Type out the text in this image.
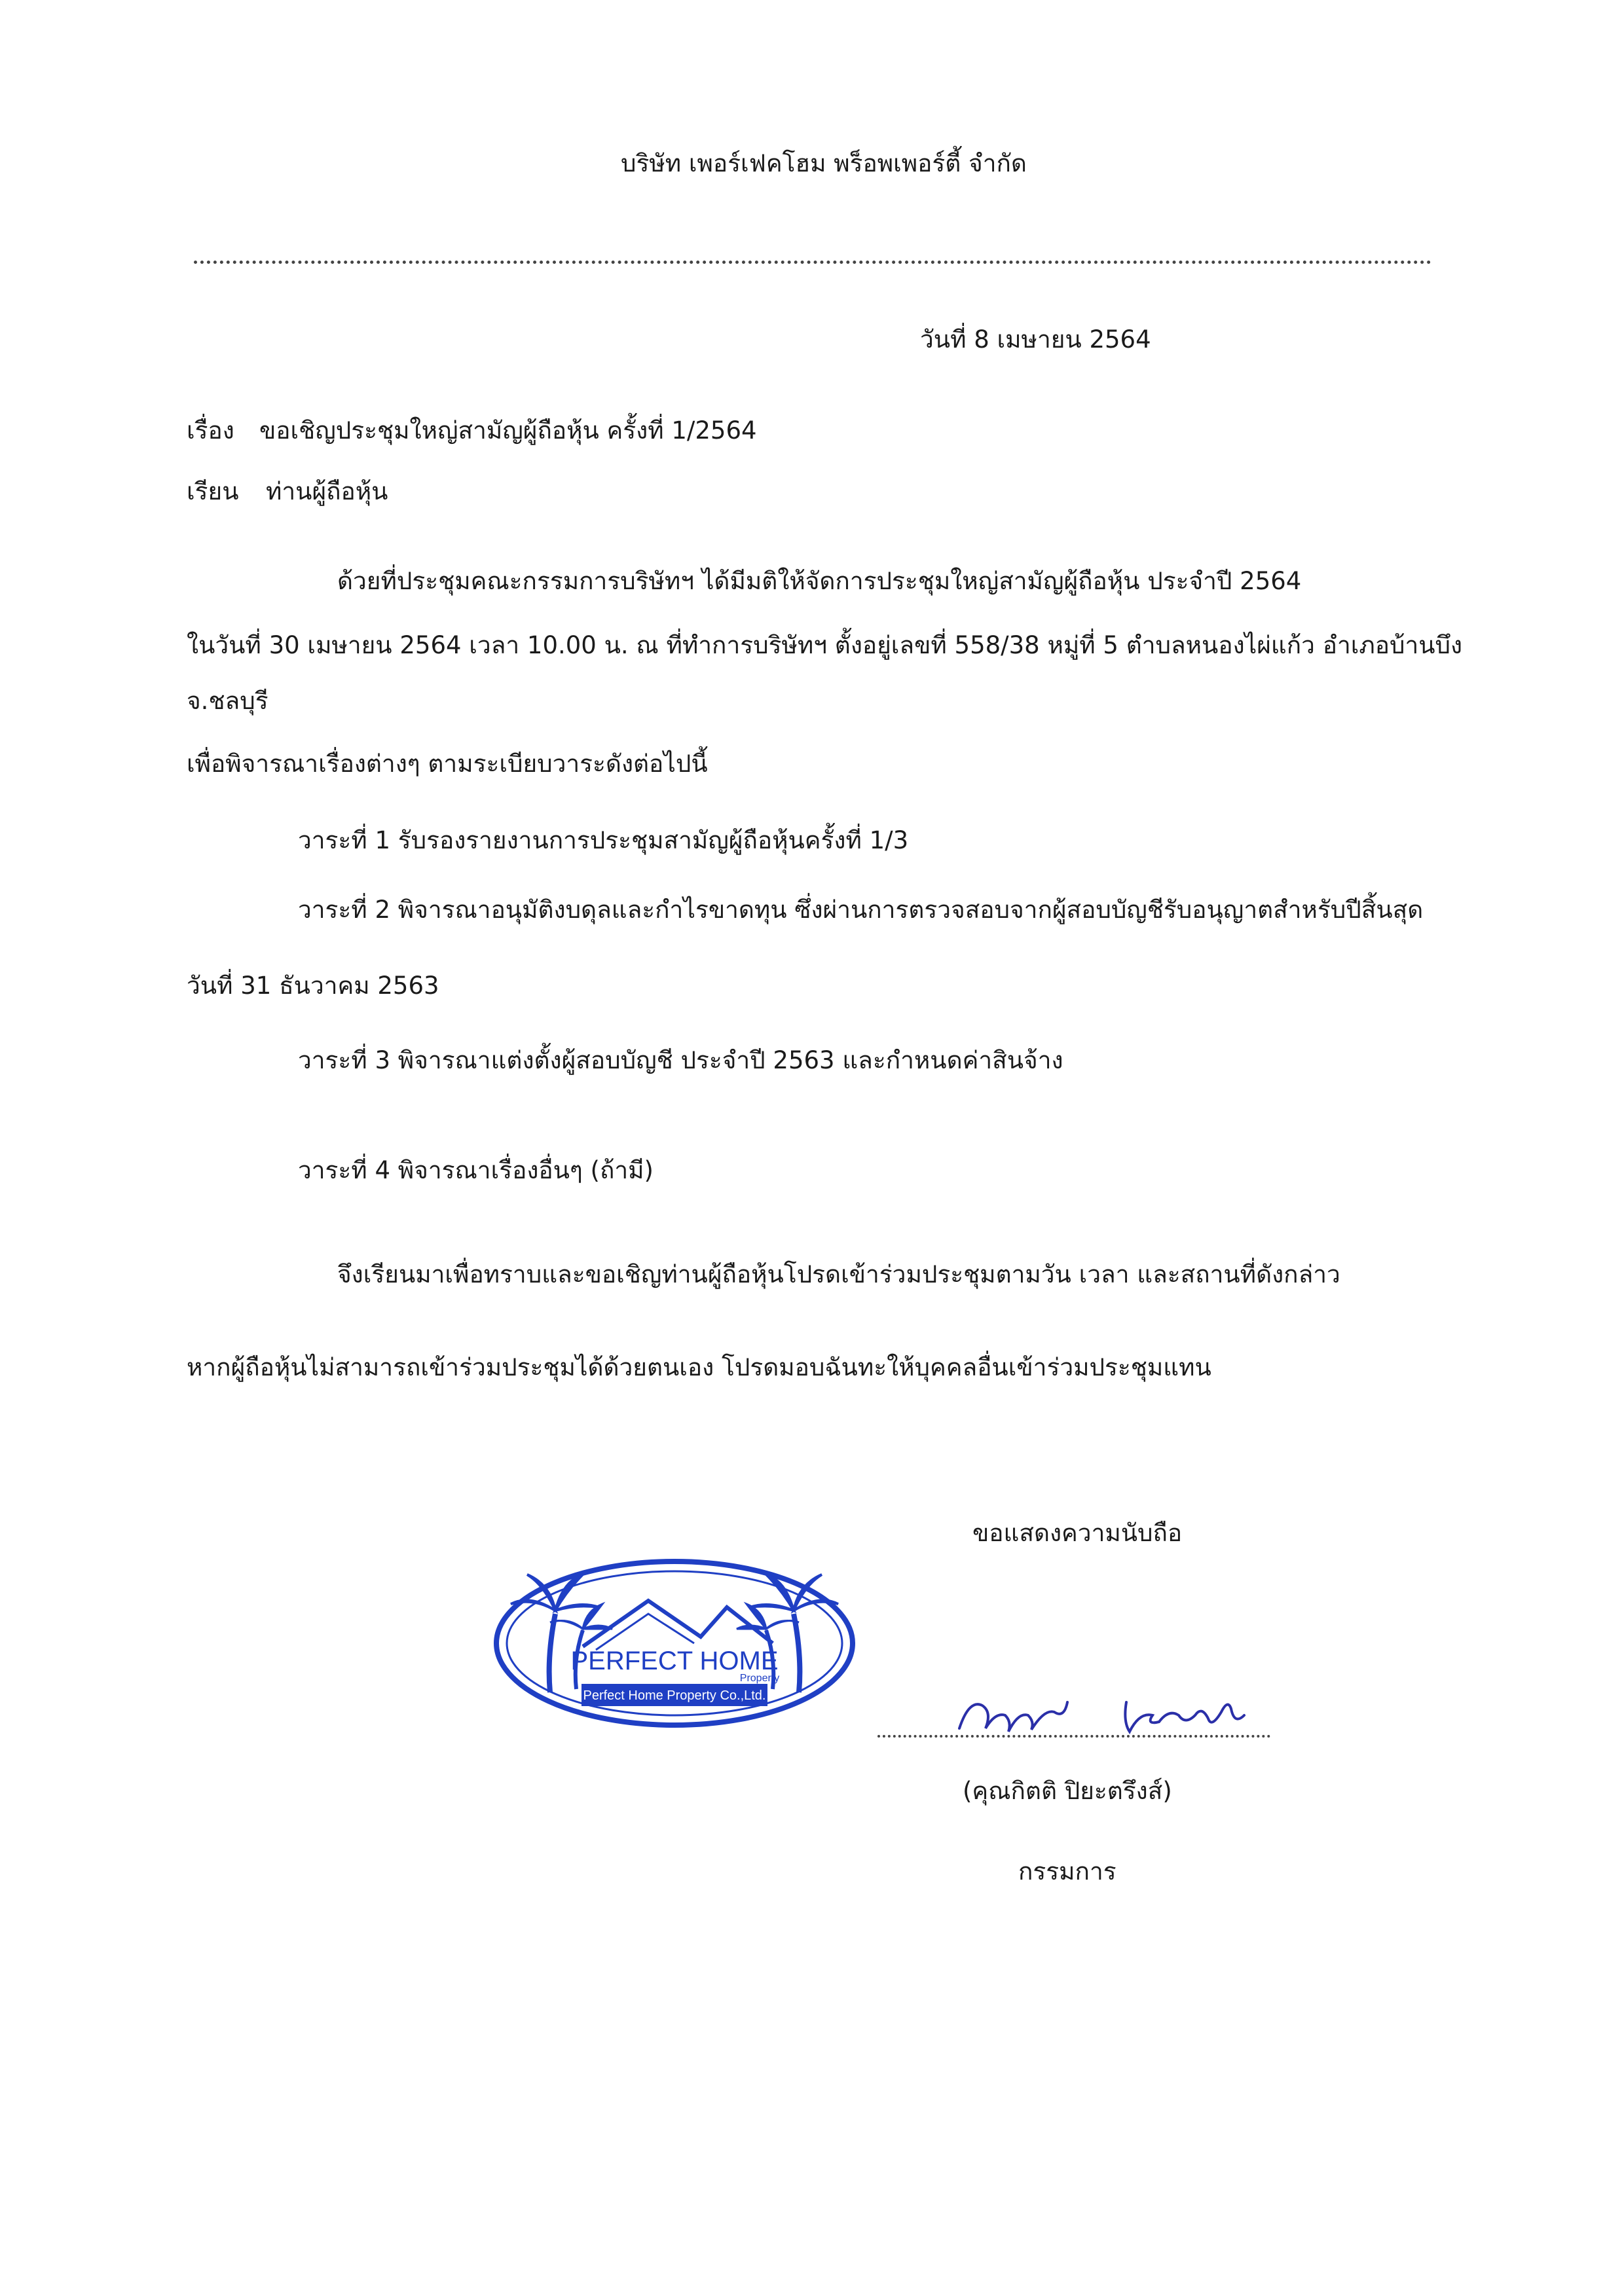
บริษัท เพอร์เฟคโฮม พร็อพเพอร์ตี้ จำกัด
วันที่ 8 เมษายน 2564
เรื่อง ขอเชิญประชุมใหญ่สามัญผู้ถือหุ้น ครั้งที่ 1/2564
เรียน ท่านผู้ถือหุ้น
ด้วยที่ประชุมคณะกรรมการบริษัทฯ ได้มีมติให้จัดการประชุมใหญ่สามัญผู้ถือหุ้น ประจำปี 2564
ในวันที่ 30 เมษายน 2564 เวลา 10.00 น. ณ ที่ทำการบริษัทฯ ตั้งอยู่เลขที่ 558/38 หมู่ที่ 5 ตำบลหนองไผ่แก้ว อำเภอบ้านบึง
จ.ชลบุรี
เพื่อพิจารณาเรื่องต่างๆ ตามระเบียบวาระดังต่อไปนี้
วาระที่ 1 รับรองรายงานการประชุมสามัญผู้ถือหุ้นครั้งที่ 1/3
วาระที่ 2 พิจารณาอนุมัติงบดุลและกำไรขาดทุน ซึ่งผ่านการตรวจสอบจากผู้สอบบัญชีรับอนุญาตสำหรับปีสิ้นสุด
วันที่ 31 ธันวาคม 2563
วาระที่ 3 พิจารณาแต่งตั้งผู้สอบบัญชี ประจำปี 2563 และกำหนดค่าสินจ้าง
วาระที่ 4 พิจารณาเรื่องอื่นๆ (ถ้ามี)
จึงเรียนมาเพื่อทราบและขอเชิญท่านผู้ถือหุ้นโปรดเข้าร่วมประชุมตามวัน เวลา และสถานที่ดังกล่าว
หากผู้ถือหุ้นไม่สามารถเข้าร่วมประชุมได้ด้วยตนเอง โปรดมอบฉันทะให้บุคคลอื่นเข้าร่วมประชุมแทน
ขอแสดงความนับถือ
PERFECT HOME
Property
Perfect Home Property Co.,Ltd.
(คุณกิตติ ปิยะตรึงส์)
กรรมการ
